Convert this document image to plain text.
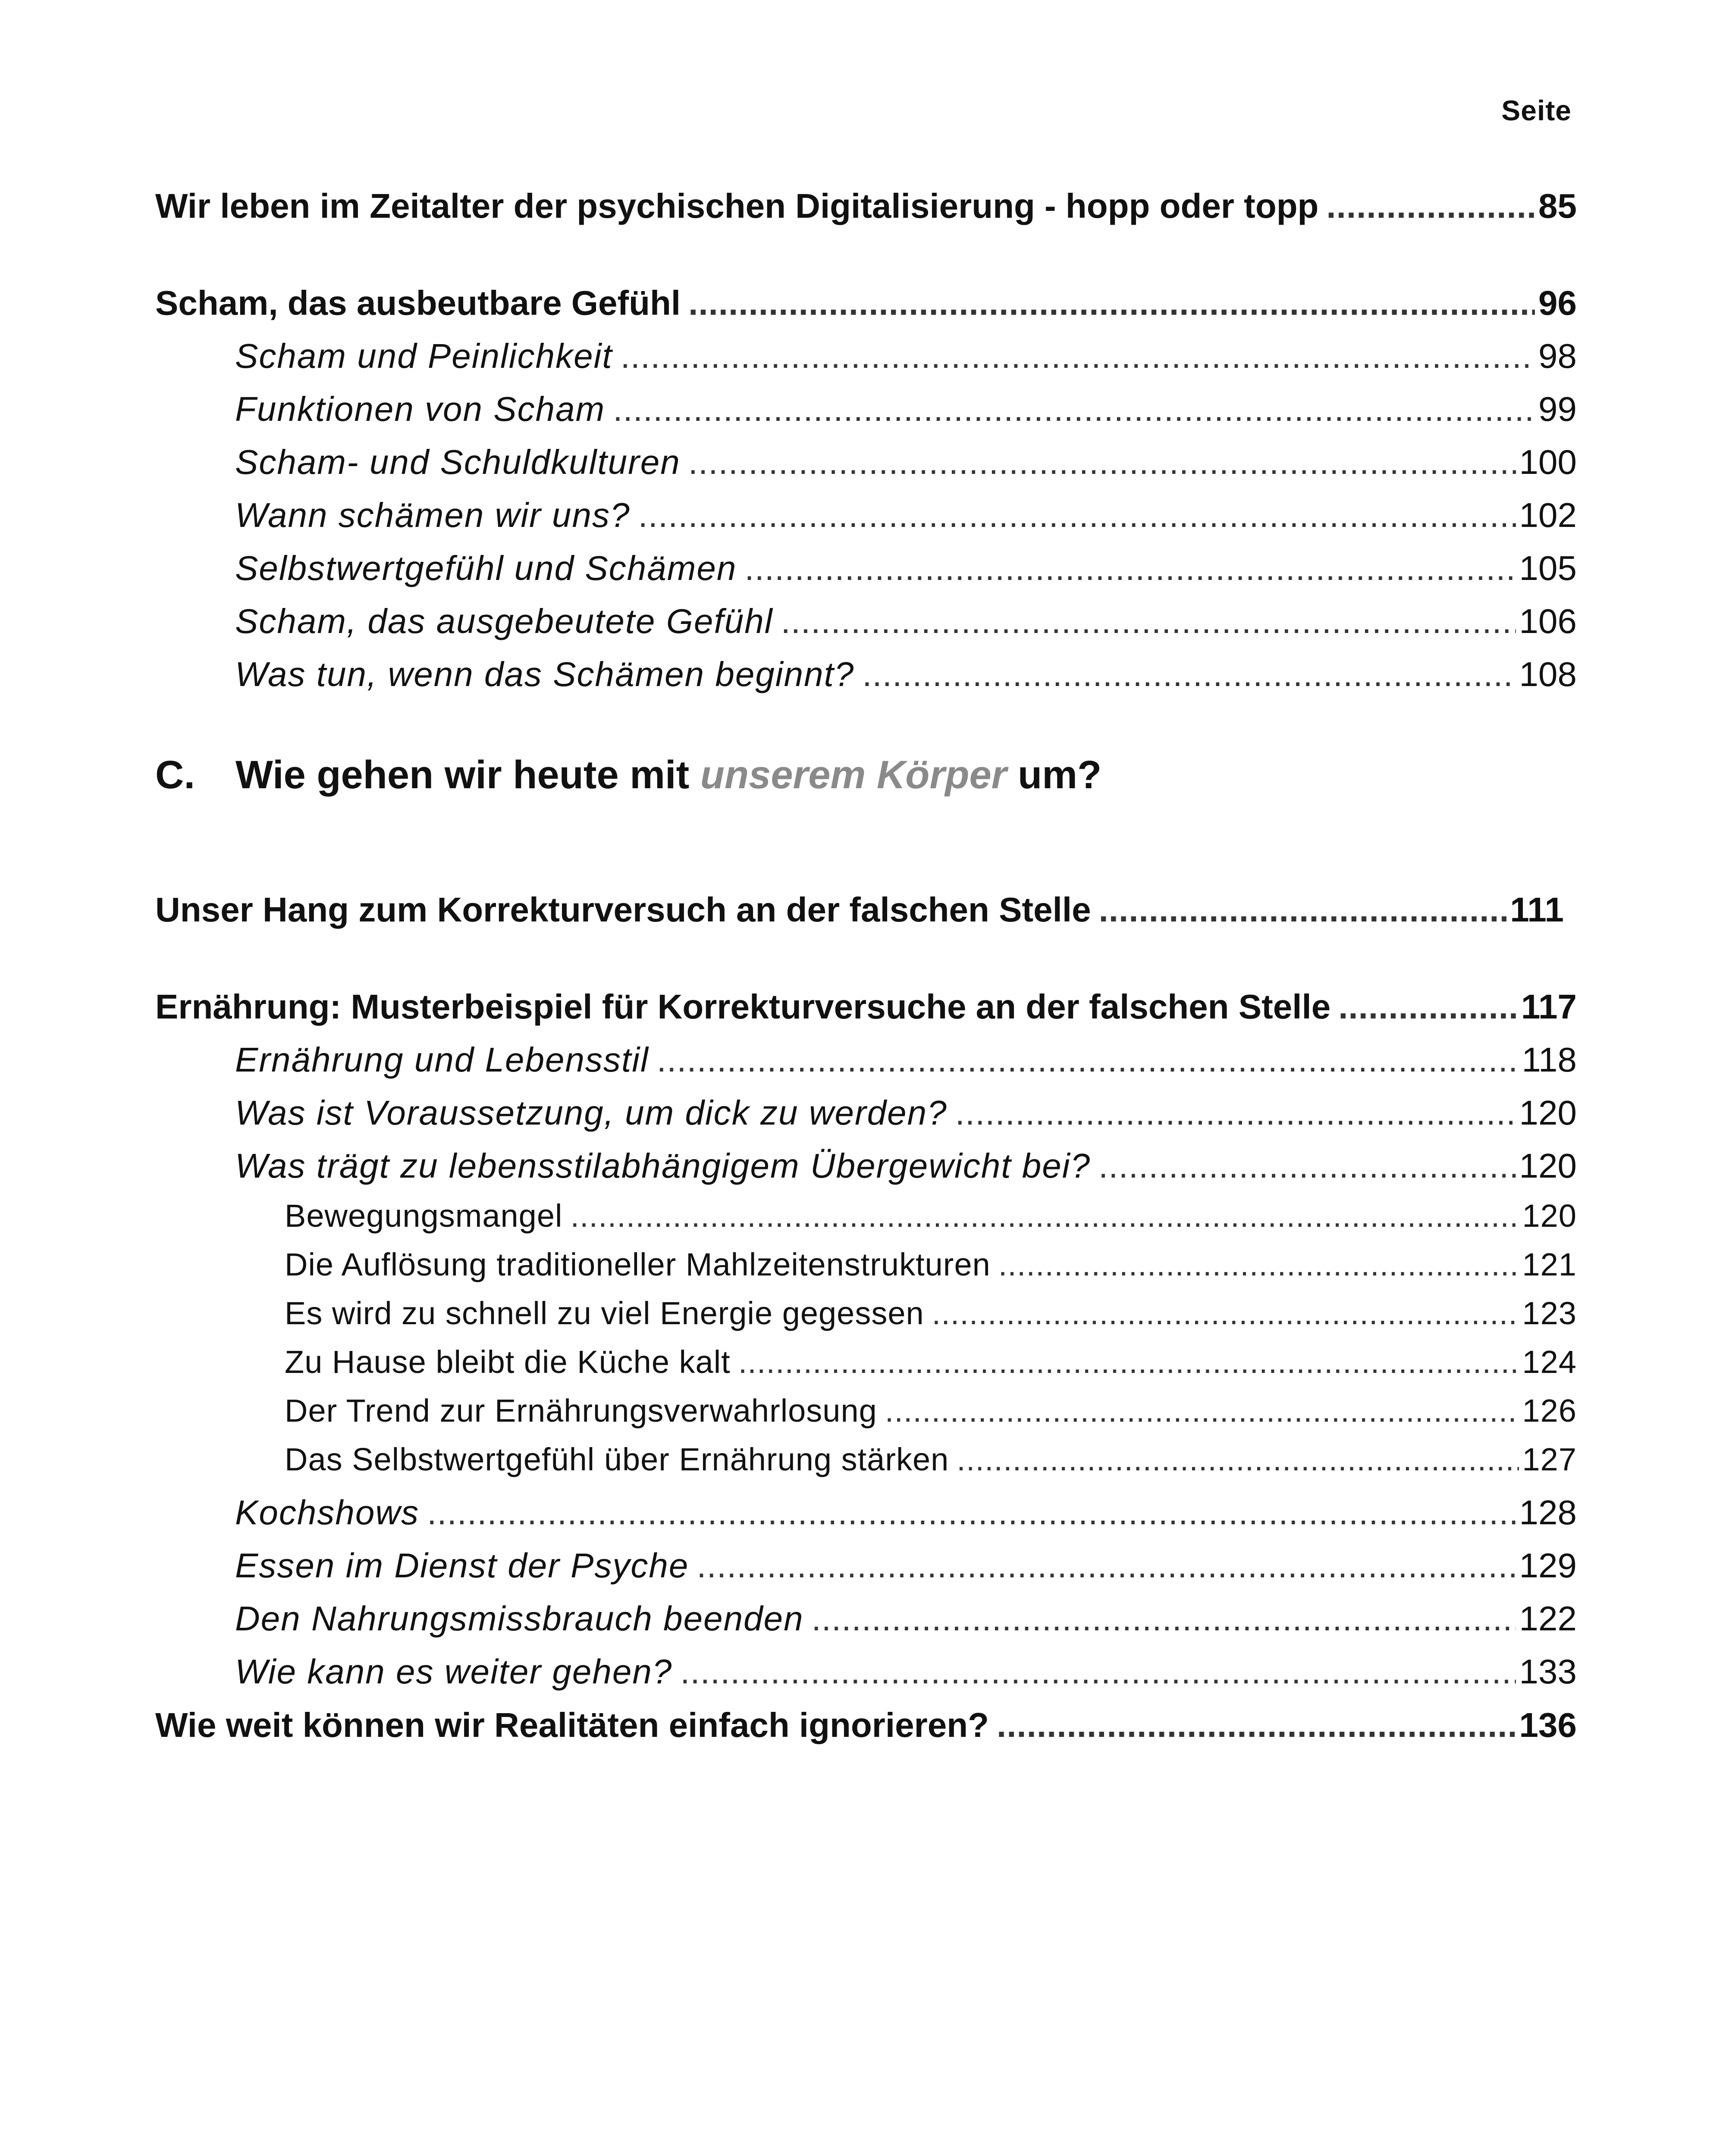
Seite
Wir leben im Zeitalter der psychischen Digitalisierung - hopp oder topp .....	85
Scham, das ausbeutbare Gefühl .....	96
Scham und Peinlichkeit .....	98
Funktionen von Scham .....	99
Scham- und Schuldkulturen .....	100
Wann schämen wir uns? .....	102
Selbstwertgefühl und Schämen .....	105
Scham, das ausgebeutete Gefühl .....	106
Was tun, wenn das Schämen beginnt? .....	108
C. Wie gehen wir heute mit unserem Körper um?
Unser Hang zum Korrekturversuch an der falschen Stelle .....	111
Ernährung: Musterbeispiel für Korrekturversuche an der falschen Stelle .....	117
Ernährung und Lebensstil .....	118
Was ist Voraussetzung, um dick zu werden? .....	120
Was trägt zu lebensstilabhängigem Übergewicht bei? .....	120
Bewegungsmangel .....	120
Die Auflösung traditioneller Mahlzeitenstrukturen .....	121
Es wird zu schnell zu viel Energie gegessen .....	123
Zu Hause bleibt die Küche kalt .....	124
Der Trend zur Ernährungsverwahrlosung .....	126
Das Selbstwertgefühl über Ernährung stärken .....	127
Kochshows .....	128
Essen im Dienst der Psyche .....	129
Den Nahrungsmissbrauch beenden .....	122
Wie kann es weiter gehen? .....	133
Wie weit können wir Realitäten einfach ignorieren? .....	136
